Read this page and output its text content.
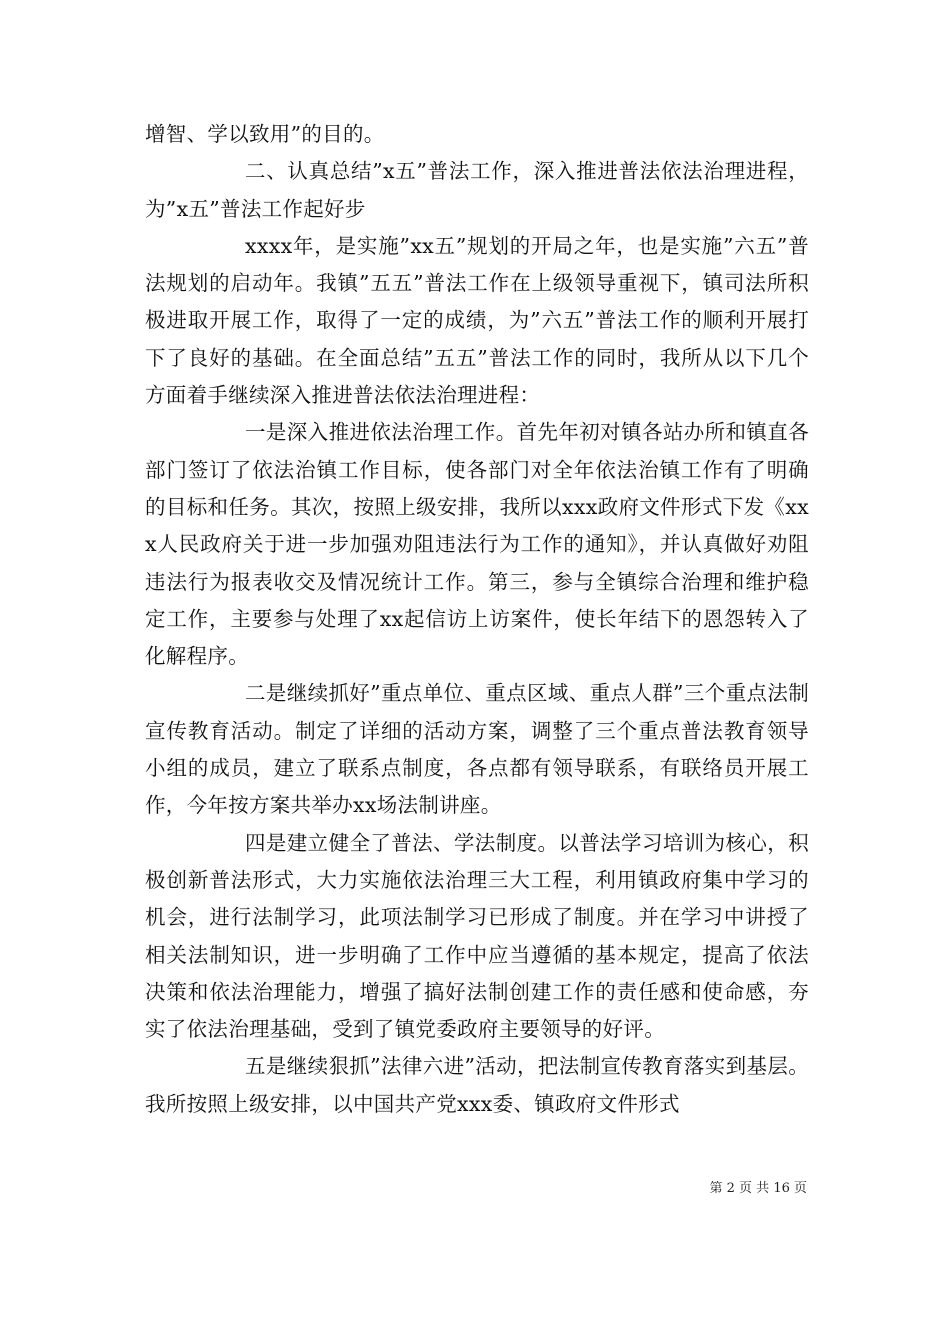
增智、学以致用”的目的。

二、认真总结”x五”普法工作，深入推进普法依法治理进程，为”x五”普法工作起好步

xxxx年，是实施”xx五”规划的开局之年，也是实施”六五”普法规划的启动年。我镇”五五”普法工作在上级领导重视下，镇司法所积极进取开展工作，取得了一定的成绩，为”六五”普法工作的顺利开展打下了良好的基础。在全面总结”五五”普法工作的同时，我所从以下几个方面着手继续深入推进普法依法治理进程：

一是深入推进依法治理工作。首先年初对镇各站办所和镇直各部门签订了依法治镇工作目标，使各部门对全年依法治镇工作有了明确的目标和任务。其次，按照上级安排，我所以xxx政府文件形式下发《xxx人民政府关于进一步加强劝阻违法行为工作的通知》，并认真做好劝阻违法行为报表收交及情况统计工作。第三，参与全镇综合治理和维护稳定工作，主要参与处理了xx起信访上访案件，使长年结下的恩怨转入了化解程序。

二是继续抓好”重点单位、重点区域、重点人群”三个重点法制宣传教育活动。制定了详细的活动方案，调整了三个重点普法教育领导小组的成员，建立了联系点制度，各点都有领导联系，有联络员开展工作，今年按方案共举办xx场法制讲座。

四是建立健全了普法、学法制度。以普法学习培训为核心，积极创新普法形式，大力实施依法治理三大工程，利用镇政府集中学习的机会，进行法制学习，此项法制学习已形成了制度。并在学习中讲授了相关法制知识，进一步明确了工作中应当遵循的基本规定，提高了依法决策和依法治理能力，增强了搞好法制创建工作的责任感和使命感，夯实了依法治理基础，受到了镇党委政府主要领导的好评。

五是继续狠抓”法律六进”活动，把法制宣传教育落实到基层。我所按照上级安排，以中国共产党xxx委、镇政府文件形式

第 2 页 共 16 页
